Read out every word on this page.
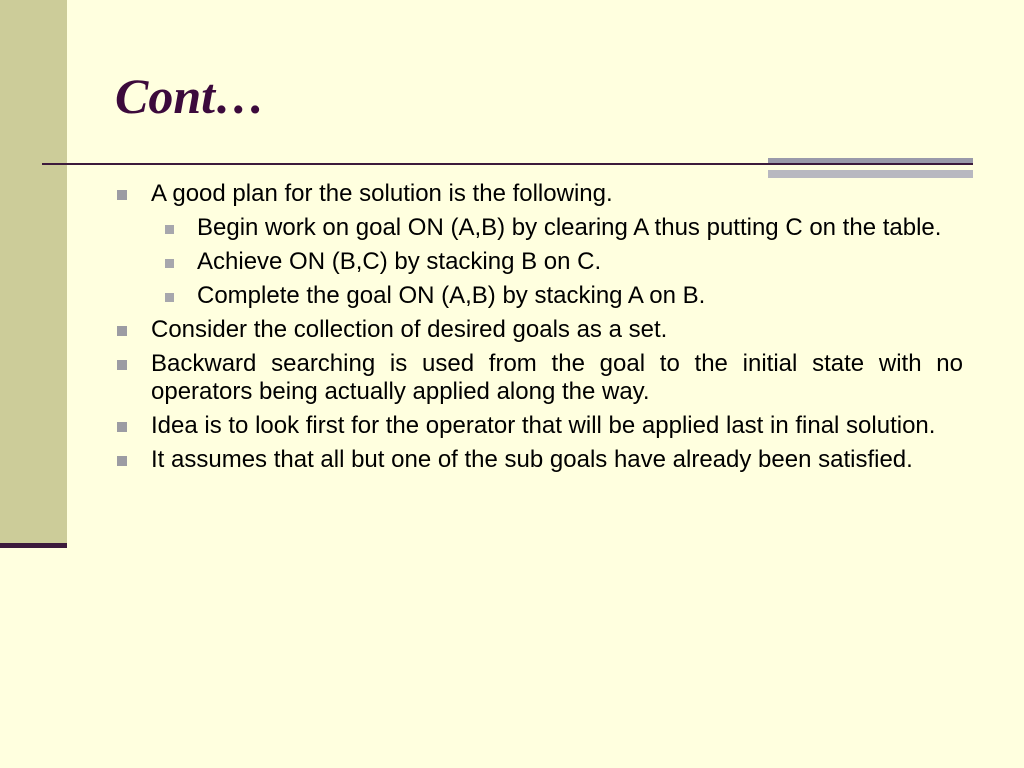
Cont…
A good plan for the solution is the following.
Begin work on goal ON (A,B) by clearing A thus putting C on the table.
Achieve ON (B,C) by stacking B on C.
Complete the goal ON (A,B) by stacking A on B.
Consider the collection of desired goals as a set.
Backward searching is used from the goal to the initial state with no operators being actually applied along the way.
Idea is to look first for the operator that will be applied last in final solution.
It assumes that all but one of the sub goals have already been satisfied.
